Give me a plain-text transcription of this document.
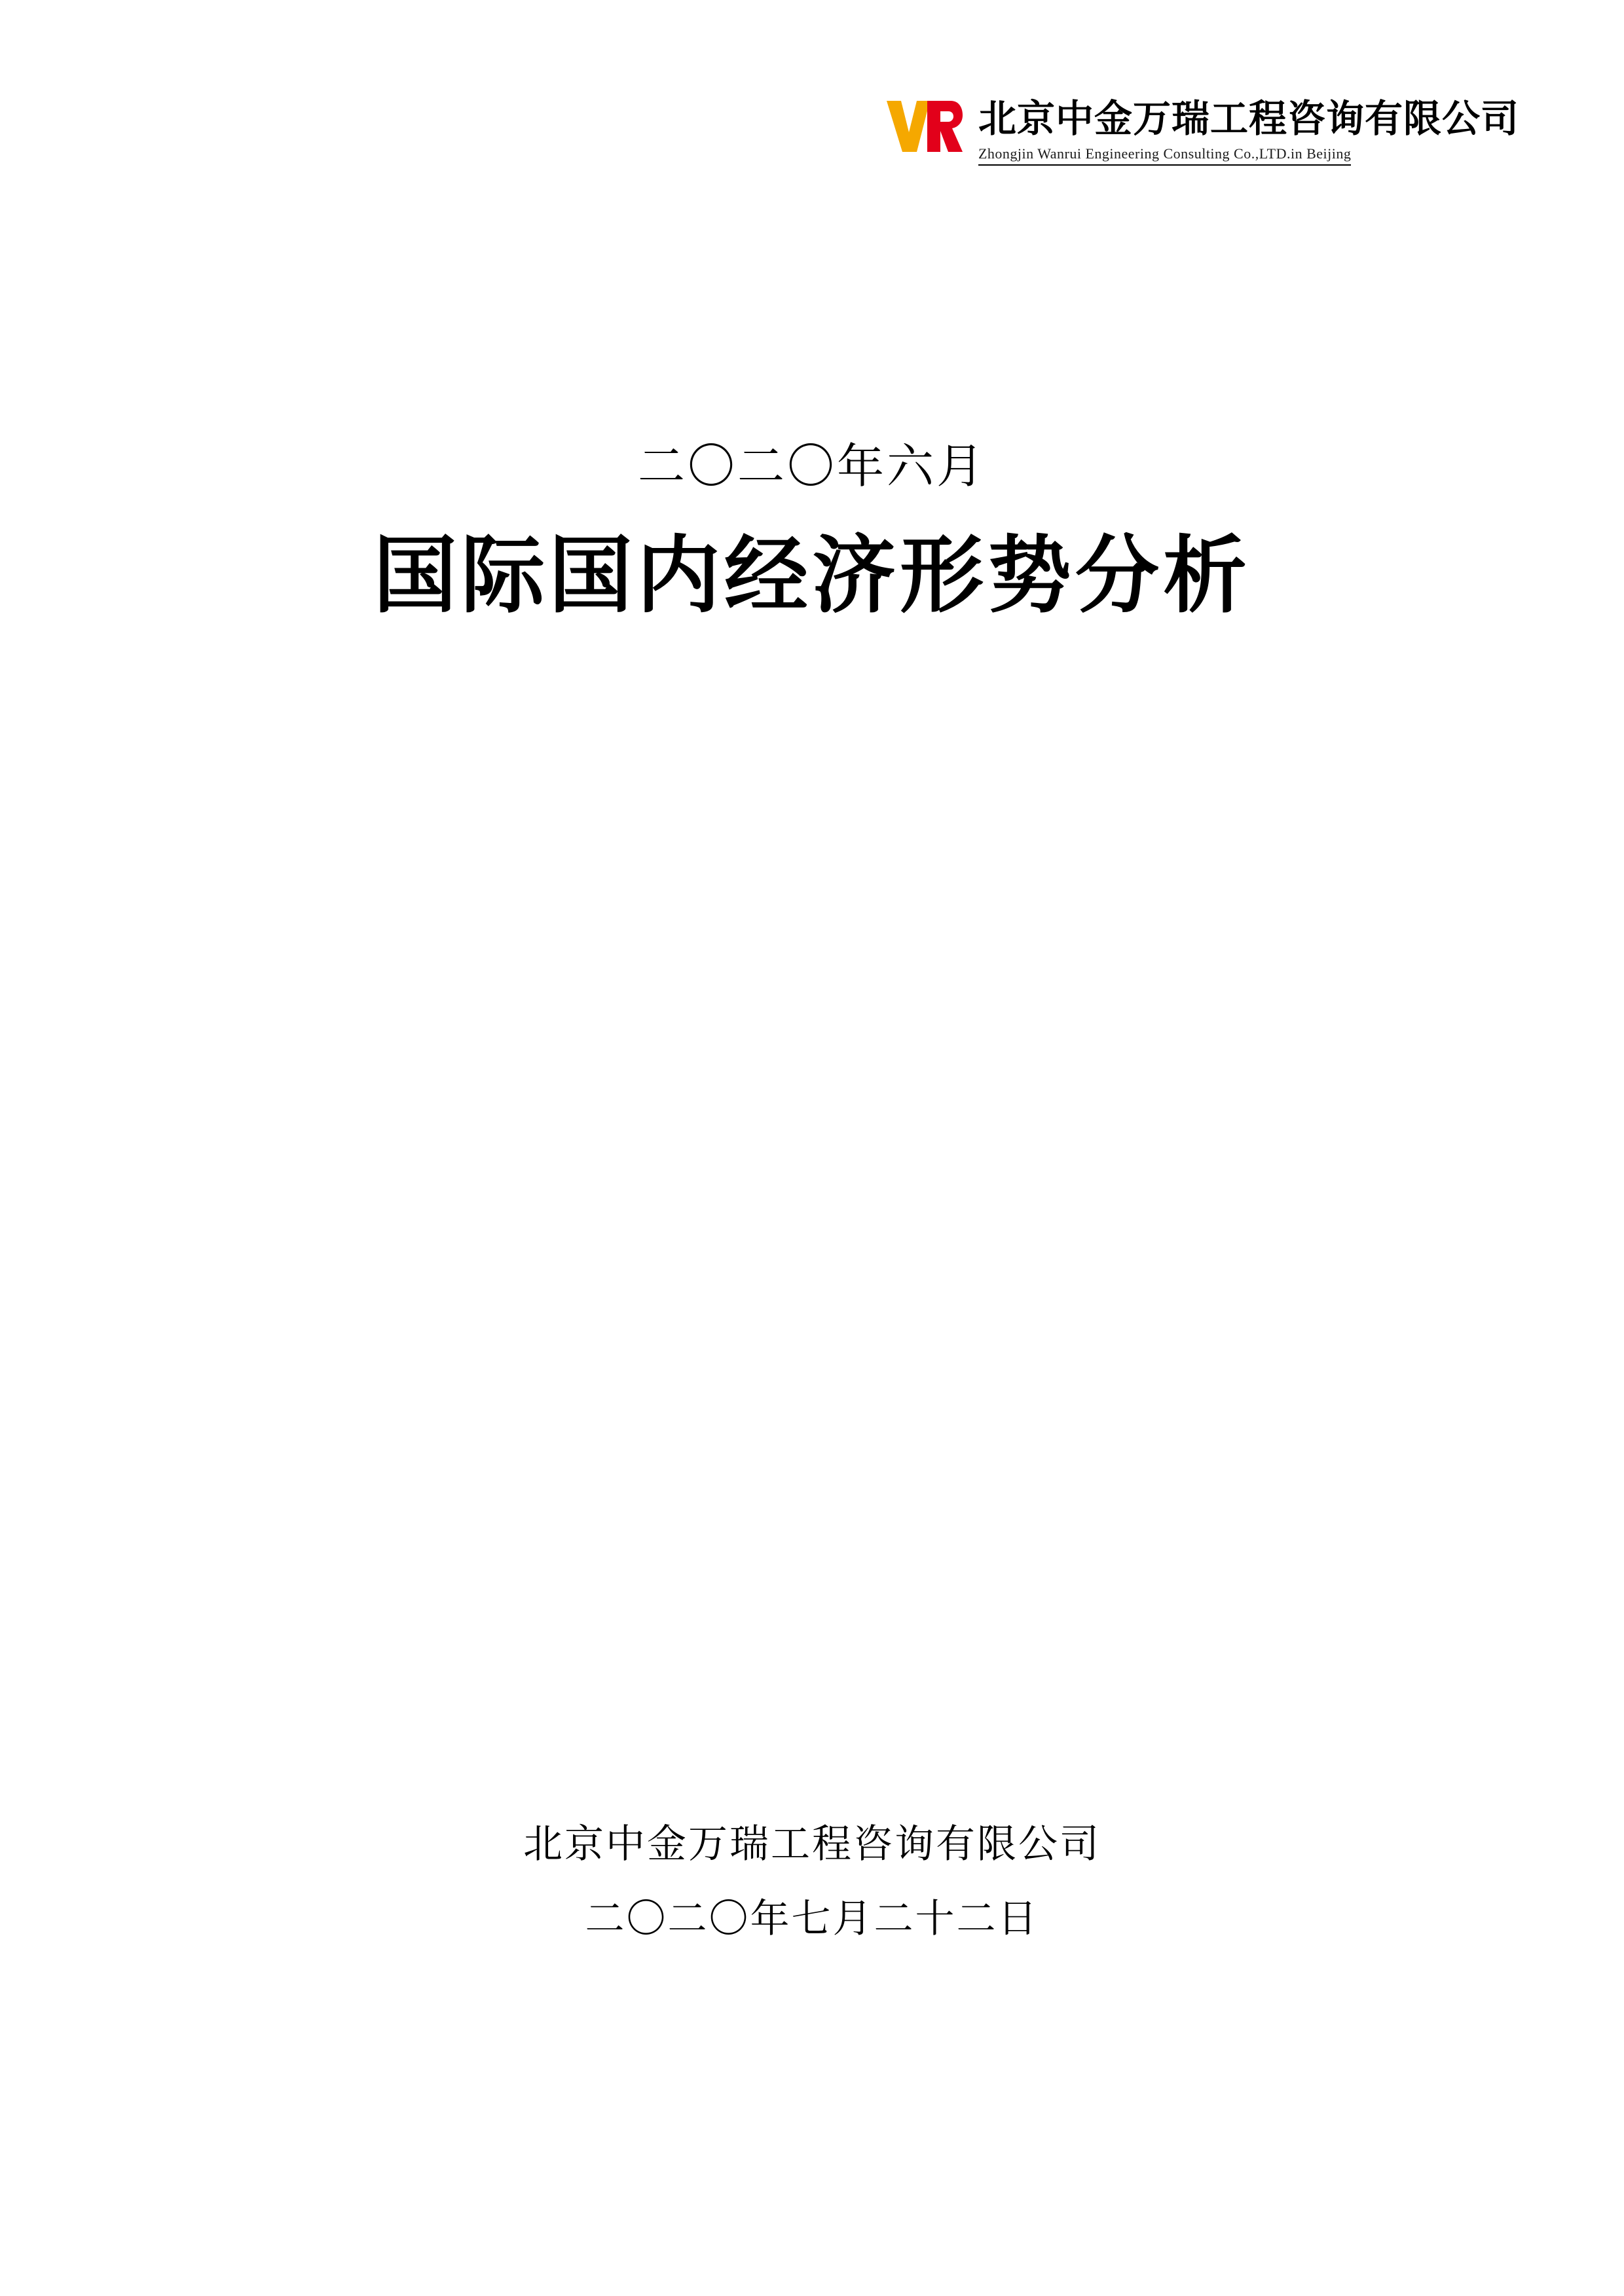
北京中金万瑞工程咨询有限公司
Zhongjin Wanrui Engineering Consulting Co.,LTD.in Beijing
二〇二〇年六月
国际国内经济形势分析
北京中金万瑞工程咨询有限公司
二〇二〇年七月二十二日
